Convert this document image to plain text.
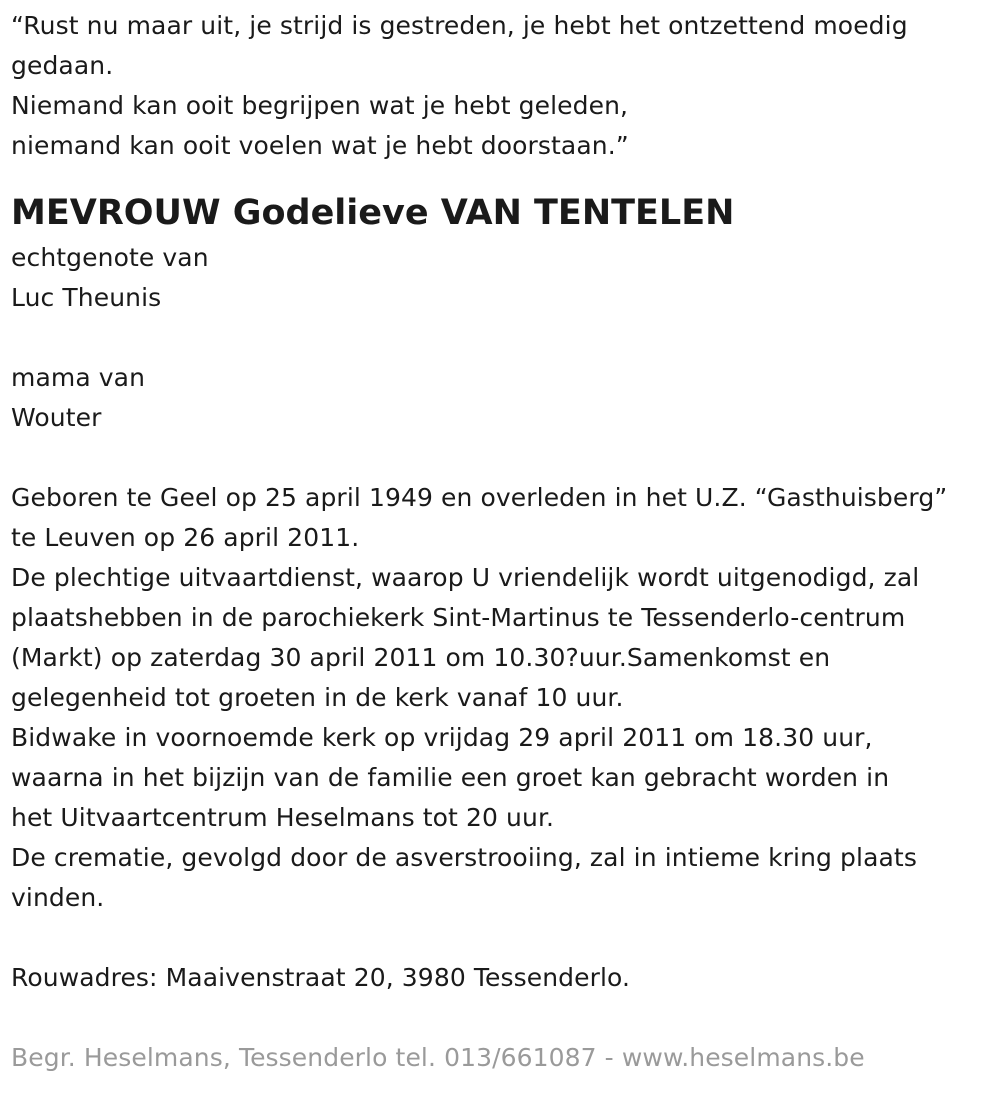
“Rust nu maar uit, je strijd is gestreden, je hebt het ontzettend moedig
gedaan.
Niemand kan ooit begrijpen wat je hebt geleden,
niemand kan ooit voelen wat je hebt doorstaan.”
MEVROUW Godelieve VAN TENTELEN
echtgenote van
Luc Theunis
mama van
Wouter
Geboren te Geel op 25 april 1949 en overleden in het U.Z. “Gasthuisberg”
te Leuven op 26 april 2011.
De plechtige uitvaartdienst, waarop U vriendelijk wordt uitgenodigd, zal
plaatshebben in de parochiekerk Sint-Martinus te Tessenderlo-centrum
(Markt) op zaterdag 30 april 2011 om 10.30?uur.Samenkomst en
gelegenheid tot groeten in de kerk vanaf 10 uur.
Bidwake in voornoemde kerk op vrijdag 29 april 2011 om 18.30 uur,
waarna in het bijzijn van de familie een groet kan gebracht worden in
het Uitvaartcentrum Heselmans tot 20 uur.
De crematie, gevolgd door de asverstrooiing, zal in intieme kring plaats
vinden.
Rouwadres: Maaivenstraat 20, 3980 Tessenderlo.
Begr. Heselmans, Tessenderlo tel. 013/661087 - www.heselmans.be
